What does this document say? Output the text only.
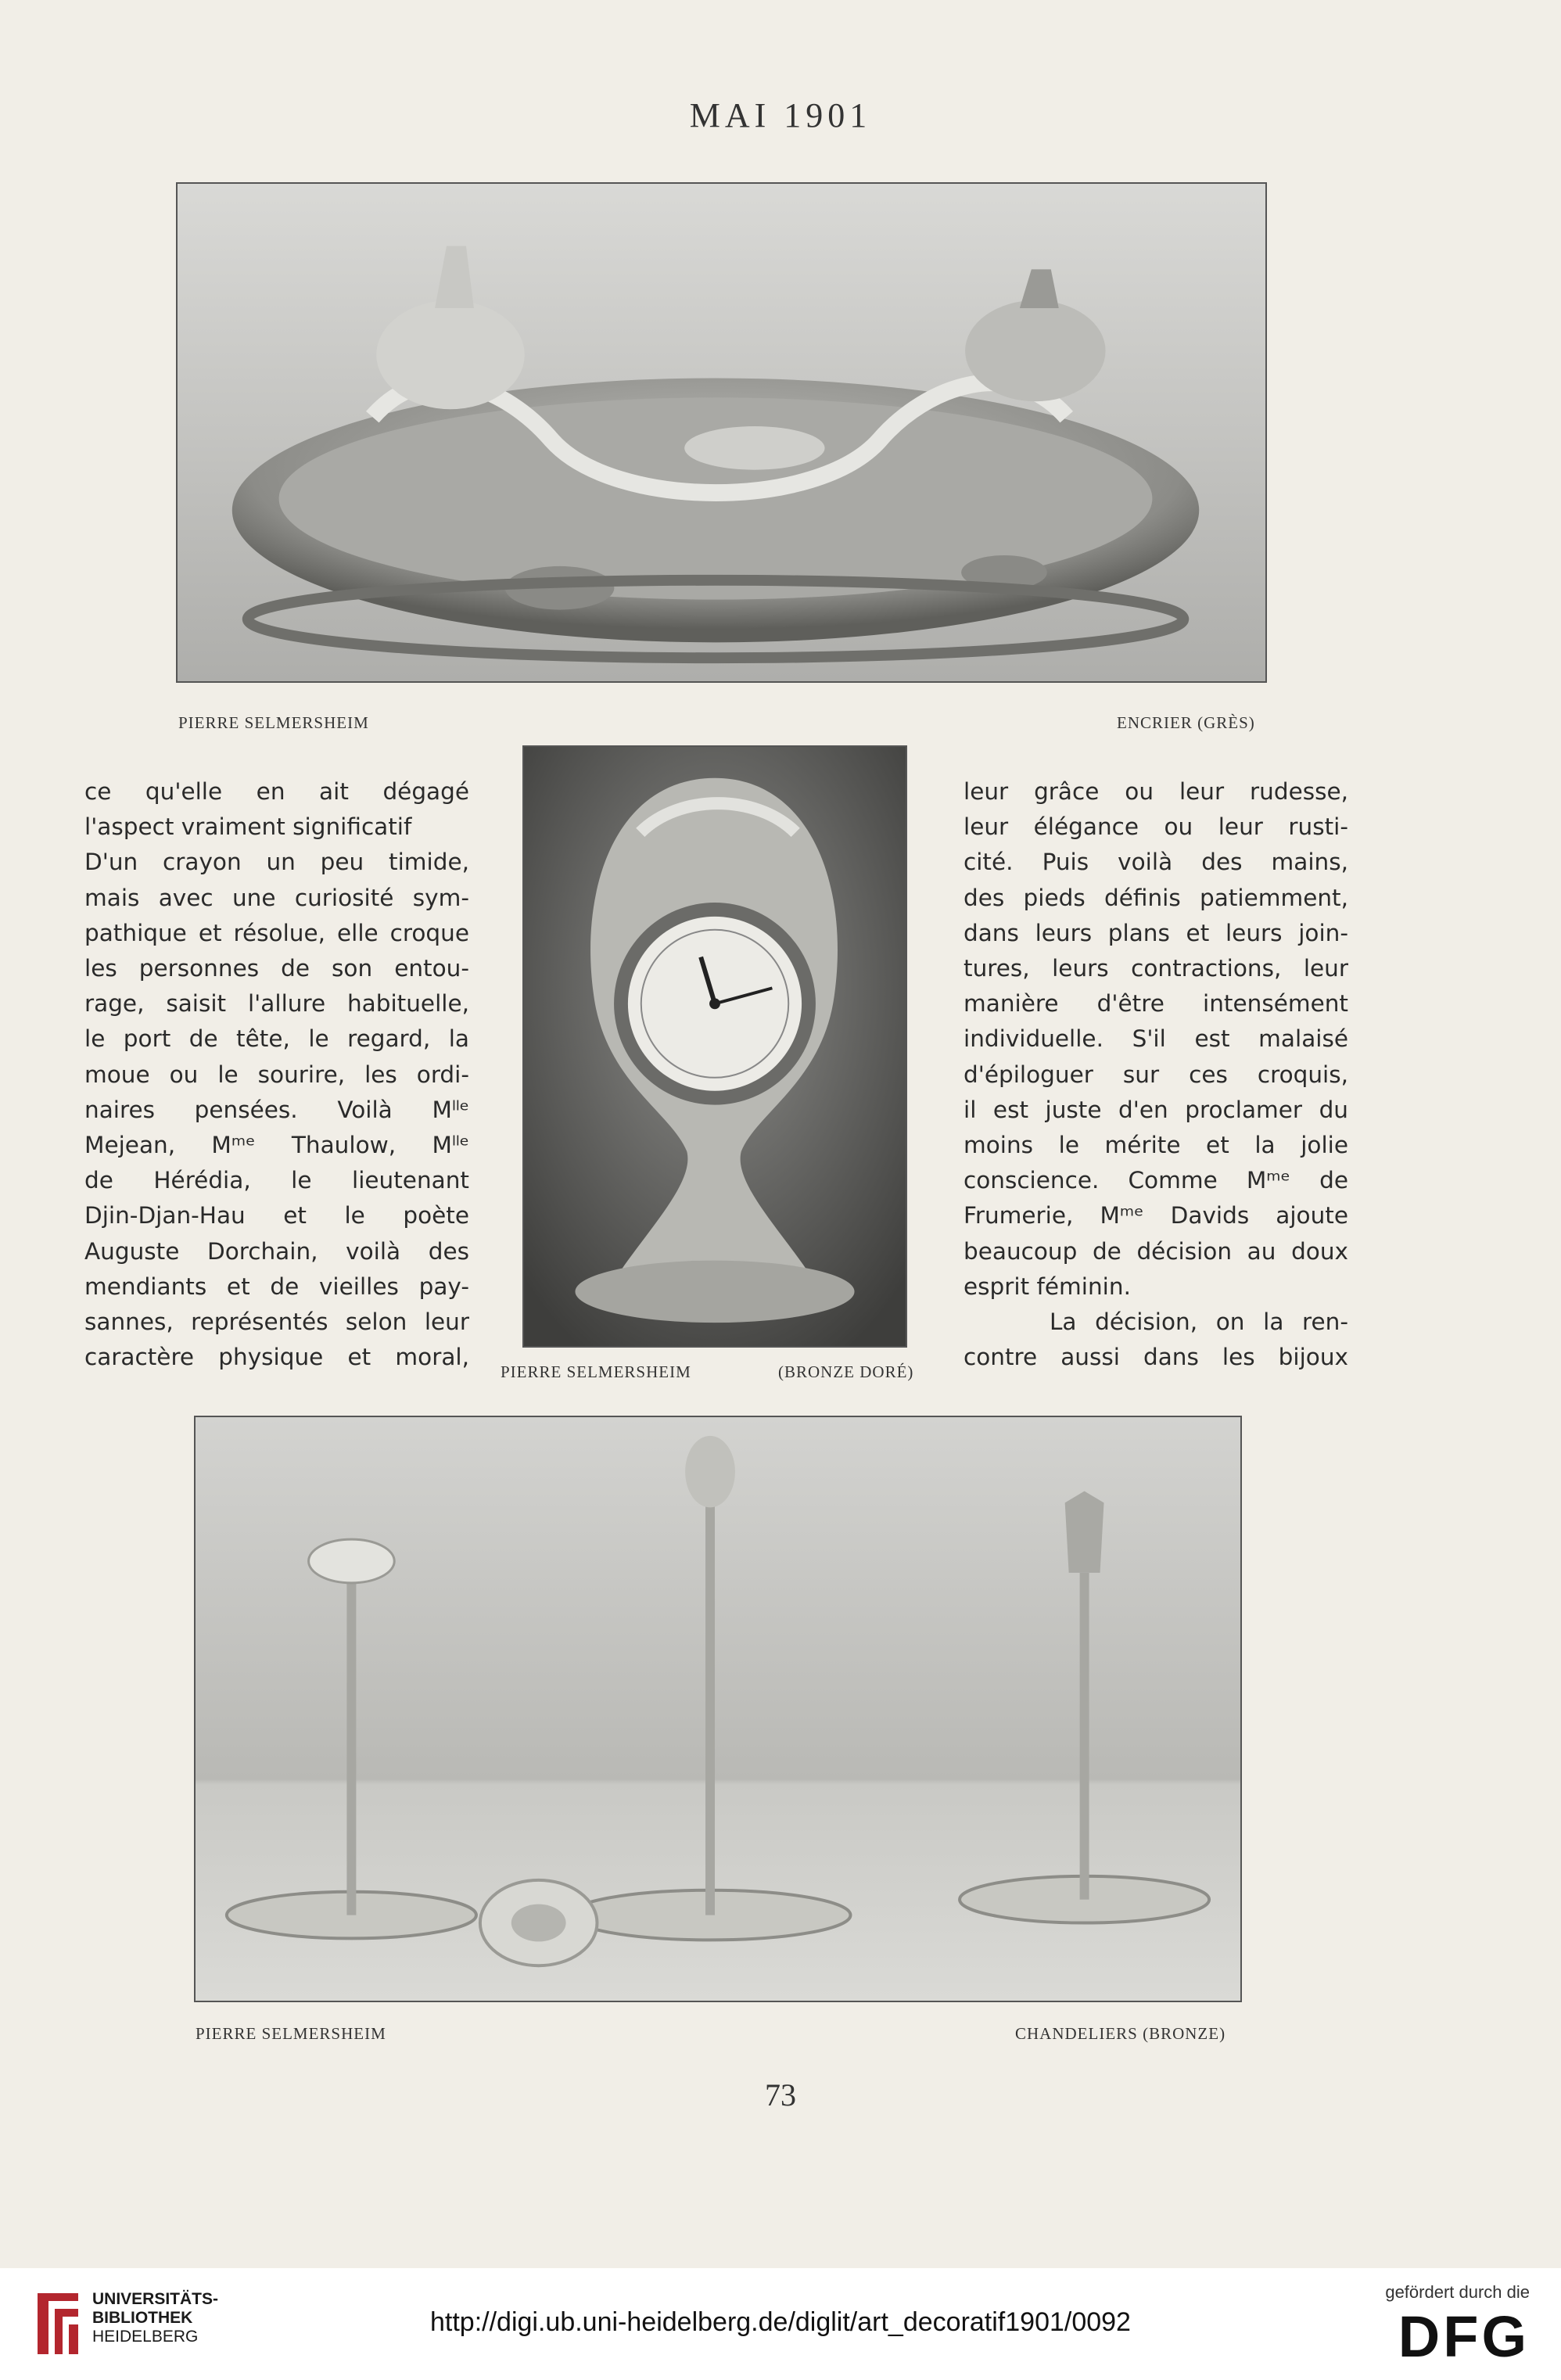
MAI 1901
PIERRE SELMERSHEIM	ENCRIER (GRÈS)
PIERRE SELMERSHEIM	(BRONZE DORÉ)
ce qu'elle en ait dégagé
l'aspect vraiment significatif
D'un crayon un peu timide,
mais avec une curiosité sym-
pathique et résolue, elle croque
les personnes de son entou-
rage, saisit l'allure habituelle,
le port de tête, le regard, la
moue ou le sourire, les ordi-
naires pensées. Voilà Mˡˡᵉ
Mejean, Mᵐᵉ Thaulow, Mˡˡᵉ
de Hérédia, le lieutenant
Djin-Djan-Hau et le poète
Auguste Dorchain, voilà des
mendiants et de vieilles pay-
sannes, représentés selon leur
caractère physique et moral,
leur grâce ou leur rudesse,
leur élégance ou leur rusti-
cité. Puis voilà des mains,
des pieds définis patiemment,
dans leurs plans et leurs join-
tures, leurs contractions, leur
manière d'être intensément
individuelle. S'il est malaisé
d'épiloguer sur ces croquis,
il est juste d'en proclamer du
moins le mérite et la jolie
conscience. Comme Mᵐᵉ de
Frumerie, Mᵐᵉ Davids ajoute
beaucoup de décision au doux
esprit féminin.
La décision, on la ren-
contre aussi dans les bijoux
PIERRE SELMERSHEIM	CHANDELIERS (BRONZE)
73
UNIVERSITÄTS-
BIBLIOTHEK
HEIDELBERG	http://digi.ub.uni-heidelberg.de/diglit/art_decoratif1901/0092
gefördert durch die
DFG
